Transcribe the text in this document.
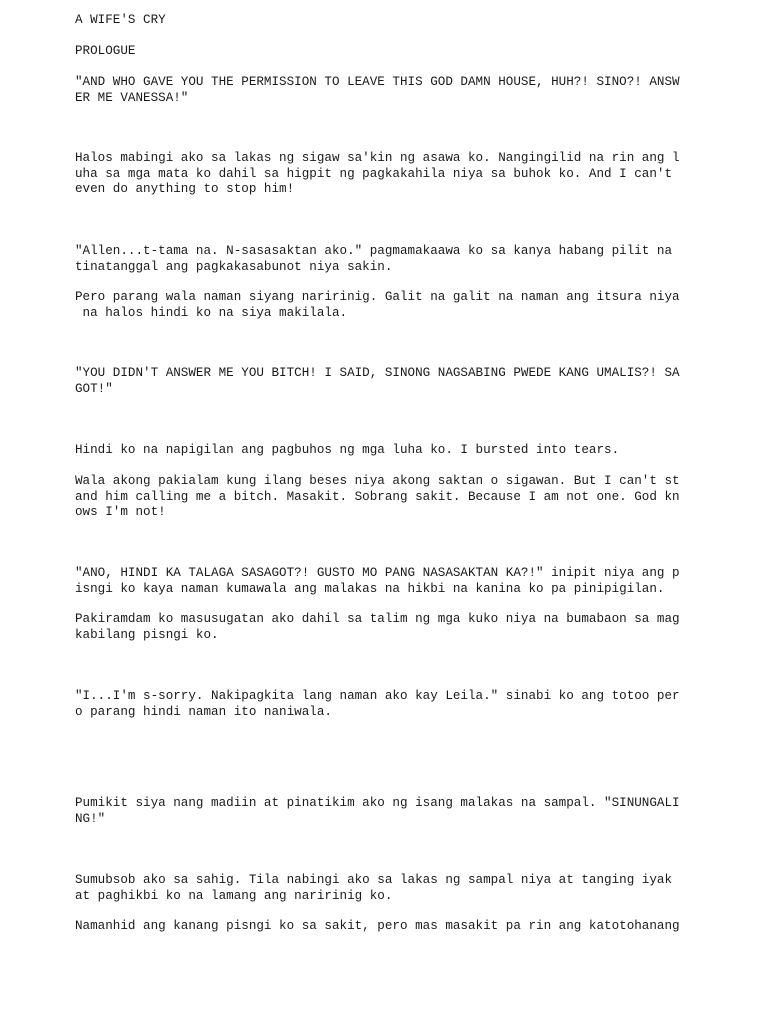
A WIFE'S CRY

PROLOGUE

"AND WHO GAVE YOU THE PERMISSION TO LEAVE THIS GOD DAMN HOUSE, HUH?! SINO?! ANSW

ER ME VANESSA!"

Halos mabingi ako sa lakas ng sigaw sa'kin ng asawa ko. Nangingilid na rin ang l

uha sa mga mata ko dahil sa higpit ng pagkakahila niya sa buhok ko. And I can't

even do anything to stop him!

"Allen...t-tama na. N-sasasaktan ako." pagmamakaawa ko sa kanya habang pilit na

tinatanggal ang pagkakasabunot niya sakin.

Pero parang wala naman siyang naririnig. Galit na galit na naman ang itsura niya

na halos hindi ko na siya makilala.

"YOU DIDN'T ANSWER ME YOU BITCH! I SAID, SINONG NAGSABING PWEDE KANG UMALIS?! SA

GOT!"

Hindi ko na napigilan ang pagbuhos ng mga luha ko. I bursted into tears.

Wala akong pakialam kung ilang beses niya akong saktan o sigawan. But I can't st

and him calling me a bitch. Masakit. Sobrang sakit. Because I am not one. God kn

ows I'm not!

"ANO, HINDI KA TALAGA SASAGOT?! GUSTO MO PANG NASASAKTAN KA?!" inipit niya ang p

isngi ko kaya naman kumawala ang malakas na hikbi na kanina ko pa pinipigilan.

Pakiramdam ko masusugatan ako dahil sa talim ng mga kuko niya na bumabaon sa mag

kabilang pisngi ko.

"I...I'm s-sorry. Nakipagkita lang naman ako kay Leila." sinabi ko ang totoo per

o parang hindi naman ito naniwala.

Pumikit siya nang madiin at pinatikim ako ng isang malakas na sampal. "SINUNGALI

NG!"

Sumubsob ako sa sahig. Tila nabingi ako sa lakas ng sampal niya at tanging iyak

at paghikbi ko na lamang ang naririnig ko.

Namanhid ang kanang pisngi ko sa sakit, pero mas masakit pa rin ang katotohanang
